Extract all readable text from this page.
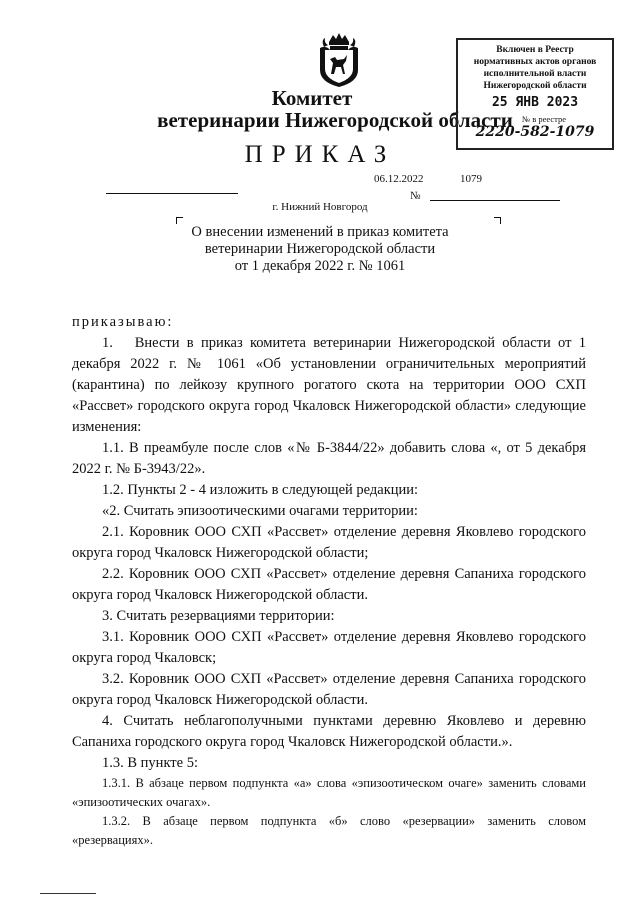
Комитет
ветеринарии Нижегородской области
ПРИКАЗ
Включен в Реестр
нормативных актов органов
исполнительной власти
Нижегородской области
25 ЯНВ 2023
№ в реестре
2220-582-1079
06.12.2022	1079
№
г. Нижний Новгород
О внесении изменений в приказ комитета
ветеринарии Нижегородской области
от 1 декабря 2022 г. № 1061

приказываю:

1.   Внести в приказ комитета ветеринарии Нижегородской области от 1 декабря 2022 г. № 1061 «Об установлении ограничительных мероприятий (карантина) по лейкозу крупного рогатого скота на территории ООО СХП «Рассвет» городского округа город Чкаловск Нижегородской области» следующие изменения:

1.1. В преамбуле после слов «№ Б-3844/22» добавить слова «, от 5 декабря 2022 г. № Б-3943/22».

1.2. Пункты 2 - 4 изложить в следующей редакции:

«2. Считать эпизоотическими очагами территории:

2.1. Коровник ООО СХП «Рассвет» отделение деревня Яковлево городского округа город Чкаловск Нижегородской области;

2.2. Коровник ООО СХП «Рассвет» отделение деревня Сапаниха городского округа город Чкаловск Нижегородской области.

3. Считать резервациями территории:

3.1. Коровник ООО СХП «Рассвет» отделение деревня Яковлево городского округа город Чкаловск;

3.2. Коровник ООО СХП «Рассвет» отделение деревня Сапаниха городского округа город Чкаловск Нижегородской области.

4. Считать неблагополучными пунктами деревню Яковлево и деревню Сапаниха городского округа город Чкаловск Нижегородской области.».

1.3. В пункте 5:

1.3.1. В абзаце первом подпункта «а» слова «эпизоотическом очаге» заменить словами «эпизоотических очагах».

1.3.2. В абзаце первом подпункта «б» слово «резервации» заменить словом «резервациях».
